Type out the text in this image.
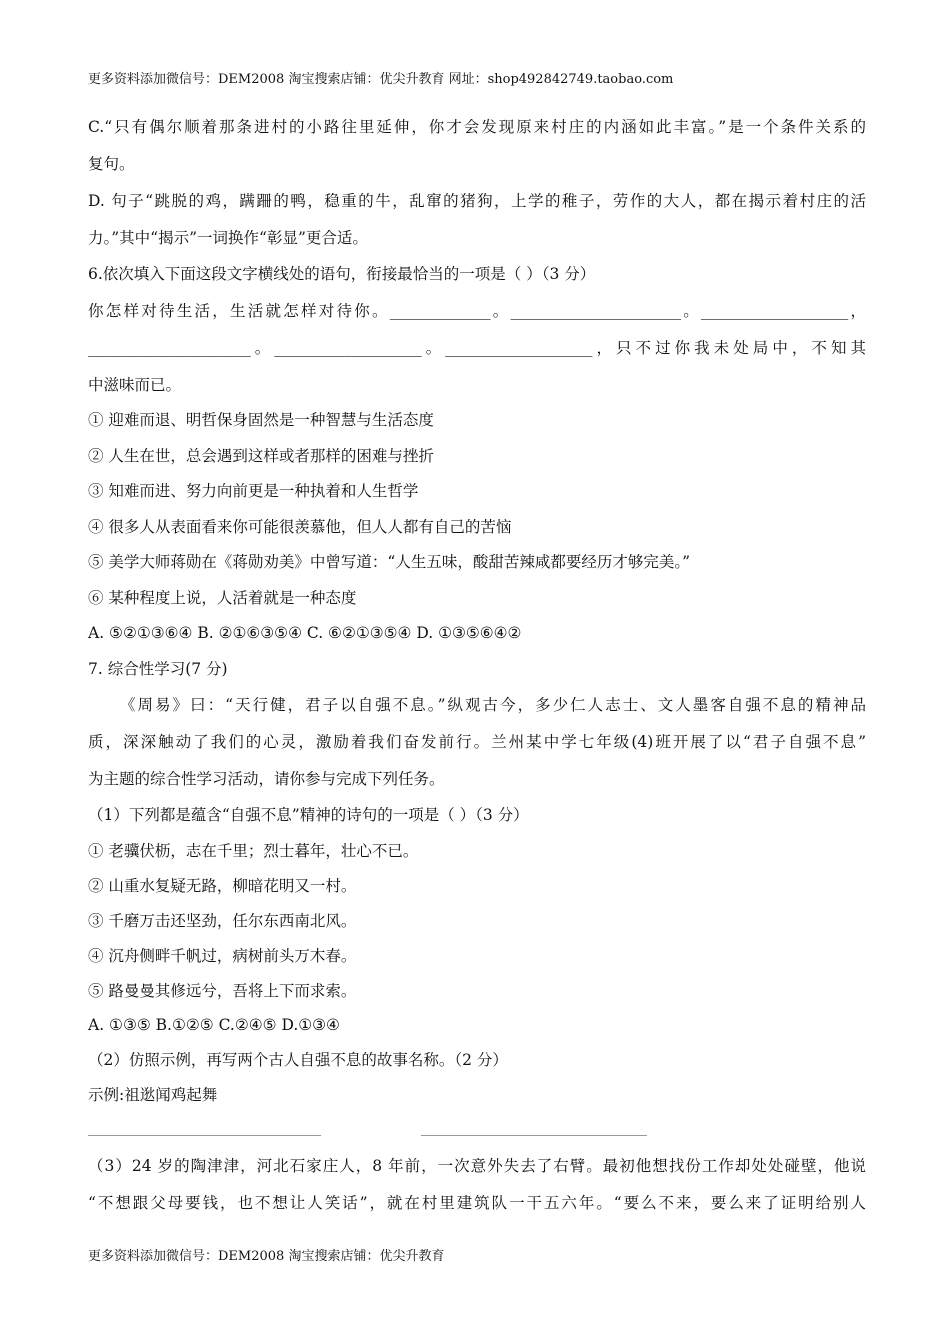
更多资料添加微信号：DEM2008 淘宝搜索店铺：优尖升教育 网址：shop492842749.taobao.com
C.“只有偶尔顺着那条进村的小路往里延伸，你才会发现原来村庄的内涵如此丰富。”是一个条件关系的
复句。
D. 句子“跳脱的鸡，蹒跚的鸭，稳重的牛，乱窜的猪狗，上学的稚子，劳作的大人，都在揭示着村庄的活
力。”其中“揭示”一词换作“彰显”更合适。
6.依次填入下面这段文字横线处的语句，衔接最恰当的一项是（ ）（3 分）
你怎样对待生活，生活就怎样对待你。_____________。______________________。___________________，
_____________________。___________________。___________________，只不过你我未处局中，不知其
中滋味而已。
① 迎难而退、明哲保身固然是一种智慧与生活态度
② 人生在世，总会遇到这样或者那样的困难与挫折
③ 知难而进、努力向前更是一种执着和人生哲学
④ 很多人从表面看来你可能很羡慕他，但人人都有自己的苦恼
⑤ 美学大师蒋勋在《蒋勋劝美》中曾写道：“人生五味，酸甜苦辣咸都要经历才够完美。”
⑥ 某种程度上说，人活着就是一种态度
A. ⑤②①③⑥④ B. ②①⑥③⑤④ C. ⑥②①③⑤④ D. ①③⑤⑥④②
7. 综合性学习(7 分)
《周易》曰：“天行健，君子以自强不息。”纵观古今，多少仁人志士、文人墨客自强不息的精神品
质，深深触动了我们的心灵，激励着我们奋发前行。兰州某中学七年级(4)班开展了以“君子自强不息”
为主题的综合性学习活动，请你参与完成下列任务。
（1）下列都是蕴含“自强不息”精神的诗句的一项是（ ）（3 分）
① 老骥伏枥，志在千里；烈士暮年，壮心不已。
② 山重水复疑无路，柳暗花明又一村。
③ 千磨万击还坚劲，任尔东西南北风。
④ 沉舟侧畔千帆过，病树前头万木春。
⑤ 路曼曼其修远兮，吾将上下而求索。
A. ①③⑤ B.①②⑤ C.②④⑤ D.①③④
（2）仿照示例，再写两个古人自强不息的故事名称。（2 分）
示例:祖逖闻鸡起舞
（3）24 岁的陶津津，河北石家庄人，8 年前，一次意外失去了右臂。最初他想找份工作却处处碰壁，他说
“不想跟父母要钱，也不想让人笑话”，就在村里建筑队一干五六年。“要么不来，要么来了证明给别人
更多资料添加微信号：DEM2008 淘宝搜索店铺：优尖升教育
